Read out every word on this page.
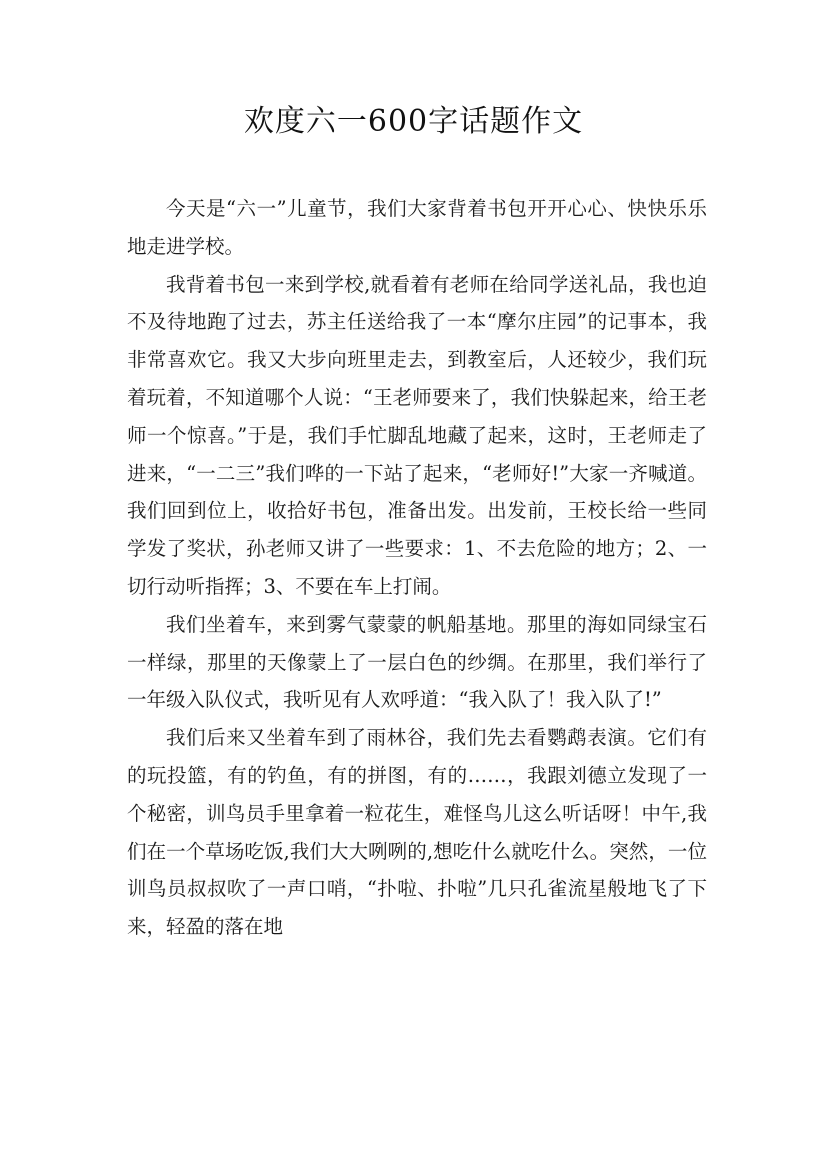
欢度六一600字话题作文

今天是“六一”儿童节，我们大家背着书包开开心心、快快乐乐地走进学校。

我背着书包一来到学校,就看着有老师在给同学送礼品，我也迫不及待地跑了过去，苏主任送给我了一本“摩尔庄园”的记事本，我非常喜欢它。我又大步向班里走去，到教室后，人还较少，我们玩着玩着，不知道哪个人说：“王老师要来了，我们快躲起来，给王老师一个惊喜。”于是，我们手忙脚乱地藏了起来，这时，王老师走了进来，“一二三”我们哗的一下站了起来，“老师好!”大家一齐喊道。我们回到位上，收拾好书包，准备出发。出发前，王校长给一些同学发了奖状，孙老师又讲了一些要求：1、不去危险的地方；2、一切行动听指挥；3、不要在车上打闹。

我们坐着车，来到雾气蒙蒙的帆船基地。那里的海如同绿宝石一样绿，那里的天像蒙上了一层白色的纱绸。在那里，我们举行了一年级入队仪式，我听见有人欢呼道：“我入队了！我入队了!”

我们后来又坐着车到了雨林谷，我们先去看鹦鹉表演。它们有的玩投篮，有的钓鱼，有的拼图，有的……，我跟刘德立发现了一个秘密，训鸟员手里拿着一粒花生，难怪鸟儿这么听话呀！中午,我们在一个草场吃饭,我们大大咧咧的,想吃什么就吃什么。突然，一位训鸟员叔叔吹了一声口哨，“扑啦、扑啦”几只孔雀流星般地飞了下来，轻盈的落在地
